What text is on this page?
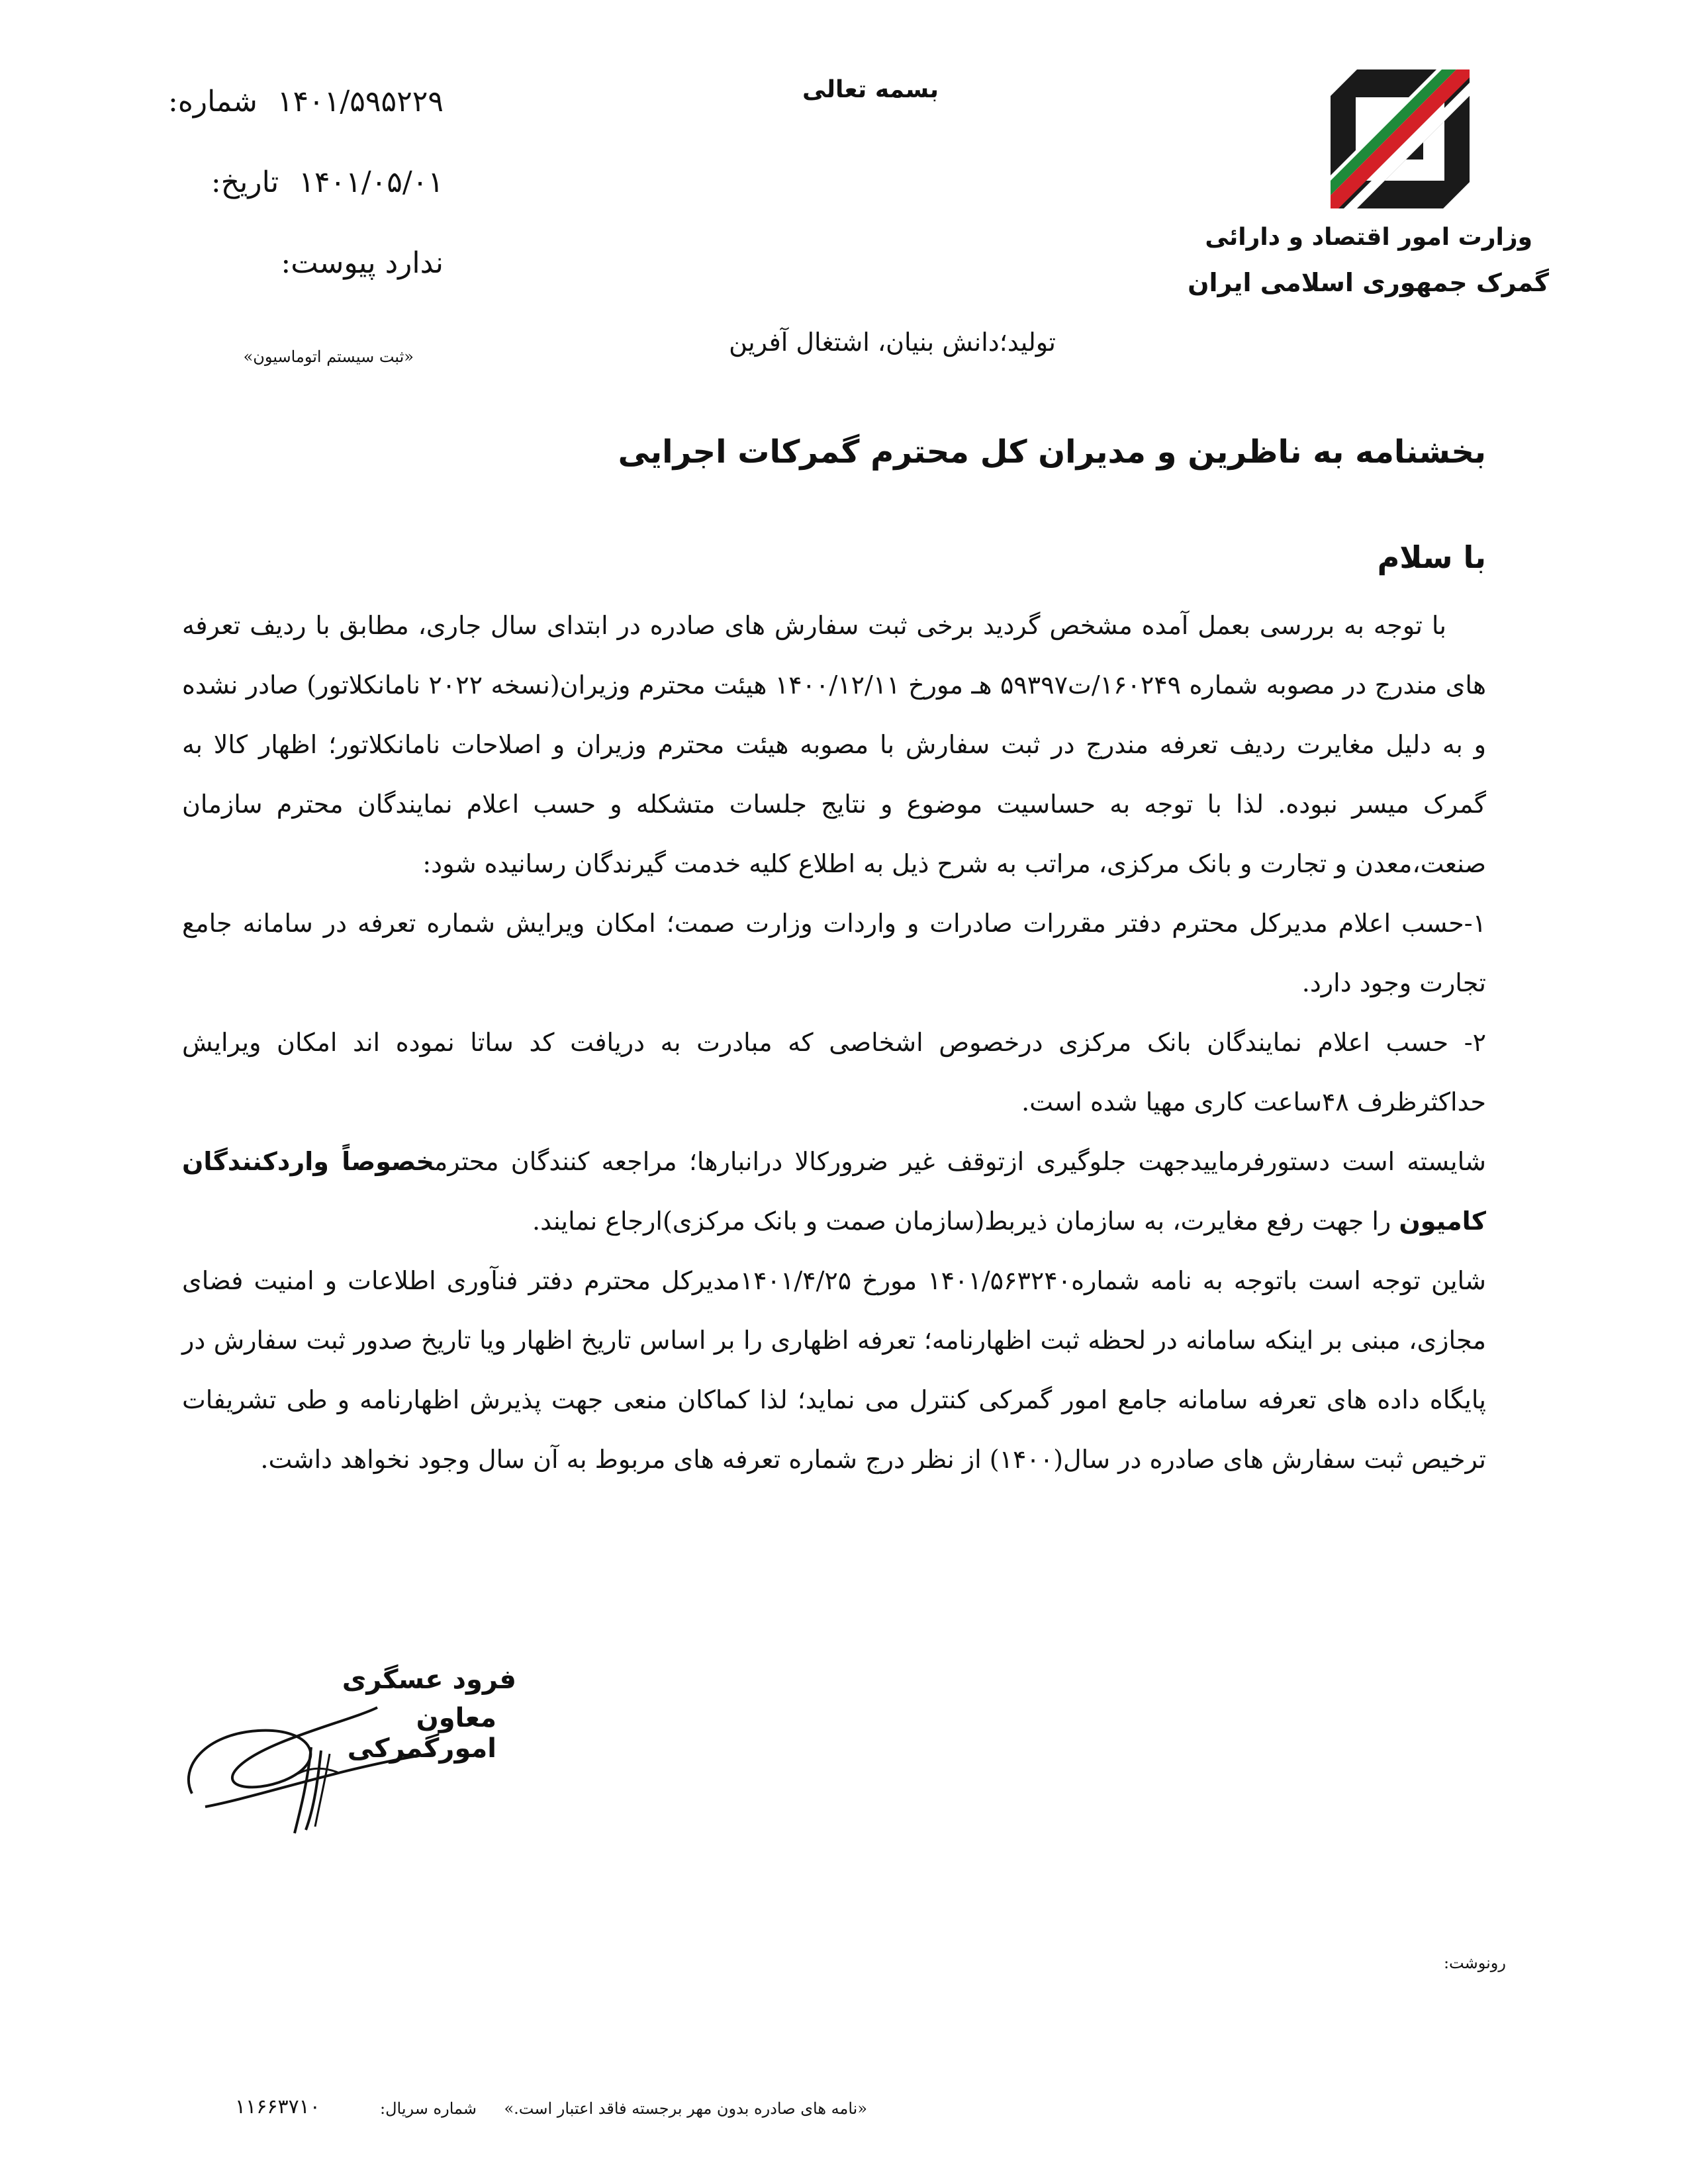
شماره: ۱۴۰۱/۵۹۵۲۲۹
تاریخ: ۱۴۰۱/۰۵/۰۱
پیوست: ندارد
«ثبت سیستم اتوماسیون»
بسمه تعالی
تولید؛دانش بنیان، اشتغال آفرین
وزارت امور اقتصاد و دارائی
گمرک جمهوری اسلامی ایران
بخشنامه به ناظرین و مدیران کل محترم گمرکات اجرایی
با سلام

با توجه به بررسی بعمل آمده مشخص گردید برخی ثبت سفارش های صادره در ابتدای سال جاری، مطابق با ردیف تعرفه های مندرج در مصوبه شماره ۱۶۰۲۴۹/ت۵۹۳۹۷ هـ مورخ ۱۴۰۰/۱۲/۱۱ هیئت محترم وزیران(نسخه ۲۰۲۲ نامانکلاتور) صادر نشده و به دلیل مغایرت ردیف تعرفه مندرج در ثبت سفارش با مصوبه هیئت محترم وزیران و اصلاحات نامانکلاتور؛ اظهار کالا به گمرک میسر نبوده. لذا با توجه به حساسیت موضوع و نتایج جلسات متشکله و حسب اعلام نمایندگان محترم سازمان صنعت،معدن و تجارت و بانک مرکزی، مراتب به شرح ذیل به اطلاع کلیه خدمت گیرندگان رسانیده شود:

۱-حسب اعلام مدیرکل محترم دفتر مقررات صادرات و واردات وزارت صمت؛ امکان ویرایش شماره تعرفه در سامانه جامع تجارت وجود دارد.

۲- حسب اعلام نمایندگان بانک مرکزی درخصوص اشخاصی که مبادرت به دریافت کد ساتا نموده اند امکان ویرایش حداکثرظرف ۴۸ساعت کاری مهیا شده است.

شایسته است دستورفرماییدجهت جلوگیری ازتوقف غیر ضرورکالا درانبارها؛ مراجعه کنندگان محترمخصوصاً واردکنندگان کامیون را جهت رفع مغایرت، به سازمان ذیربط(سازمان صمت و بانک مرکزی)ارجاع نمایند.

شاین توجه است باتوجه به نامه شماره۱۴۰۱/۵۶۳۲۴۰ مورخ ۱۴۰۱/۴/۲۵مدیرکل محترم دفتر فنآوری اطلاعات و امنیت فضای مجازی، مبنی بر اینکه سامانه در لحظه ثبت اظهارنامه؛ تعرفه اظهاری را بر اساس تاریخ اظهار ویا تاریخ صدور ثبت سفارش در پایگاه داده های تعرفه سامانه جامع امور گمرکی کنترل می نماید؛ لذا کماکان منعی جهت پذیرش اظهارنامه و طی تشریفات ترخیص ثبت سفارش های صادره در سال(۱۴۰۰) از نظر درج شماره تعرفه های مربوط به آن سال وجود نخواهد داشت.

فرود عسگری
معاون امورگمرکی
رونوشت:
«نامه های صادره بدون مهر برجسته فاقد اعتبار است.»
شماره سریال:
۱۱۶۶۳۷۱۰
